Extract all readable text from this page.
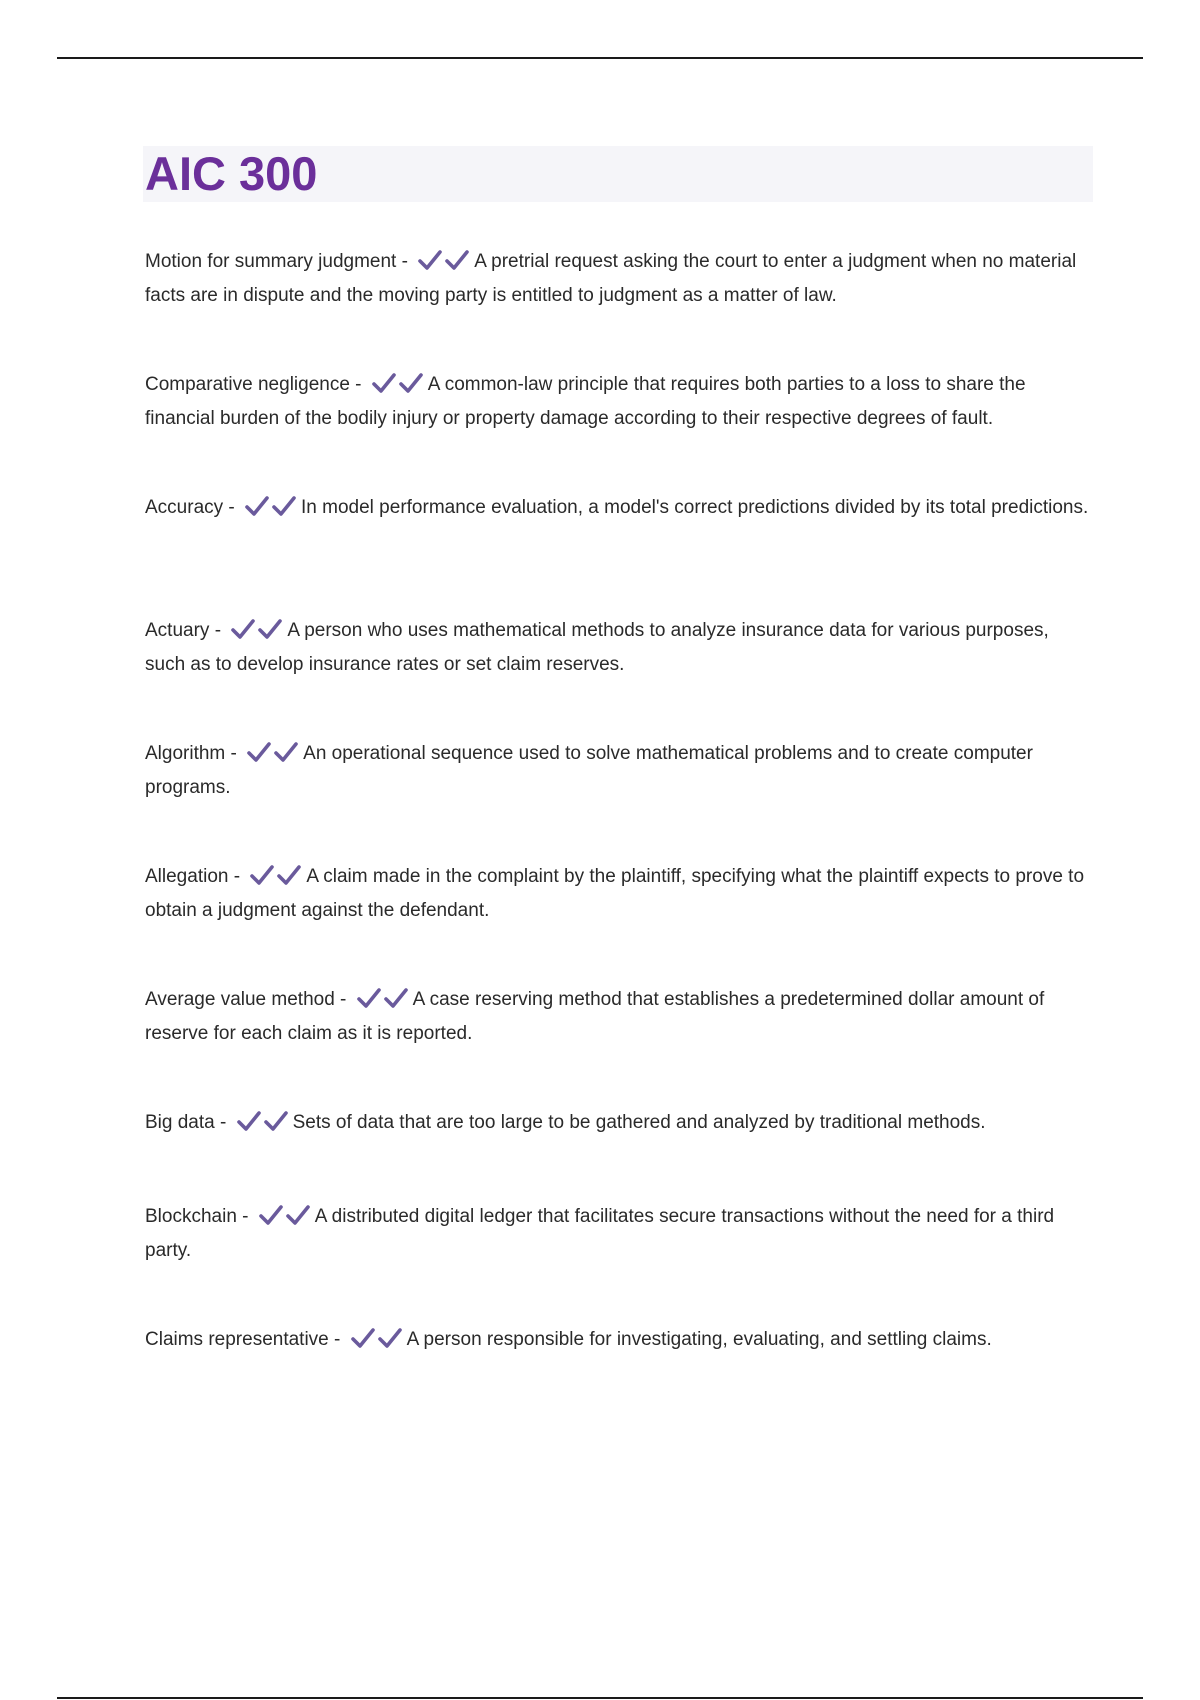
AIC 300
Motion for summary judgment -	A pretrial request asking the court to enter a judgment when no material facts are in dispute and the moving party is entitled to judgment as a matter of law.
Comparative negligence -	A common-law principle that requires both parties to a loss to share the financial burden of the bodily injury or property damage according to their respective degrees of fault.
Accuracy -	In model performance evaluation, a model's correct predictions divided by its total predictions.
Actuary -	A person who uses mathematical methods to analyze insurance data for various purposes, such as to develop insurance rates or set claim reserves.
Algorithm -	An operational sequence used to solve mathematical problems and to create computer programs.
Allegation -	A claim made in the complaint by the plaintiff, specifying what the plaintiff expects to prove to obtain a judgment against the defendant.
Average value method -	A case reserving method that establishes a predetermined dollar amount of reserve for each claim as it is reported.
Big data -	Sets of data that are too large to be gathered and analyzed by traditional methods.
Blockchain -	A distributed digital ledger that facilitates secure transactions without the need for a third party.
Claims representative -	A person responsible for investigating, evaluating, and settling claims.
